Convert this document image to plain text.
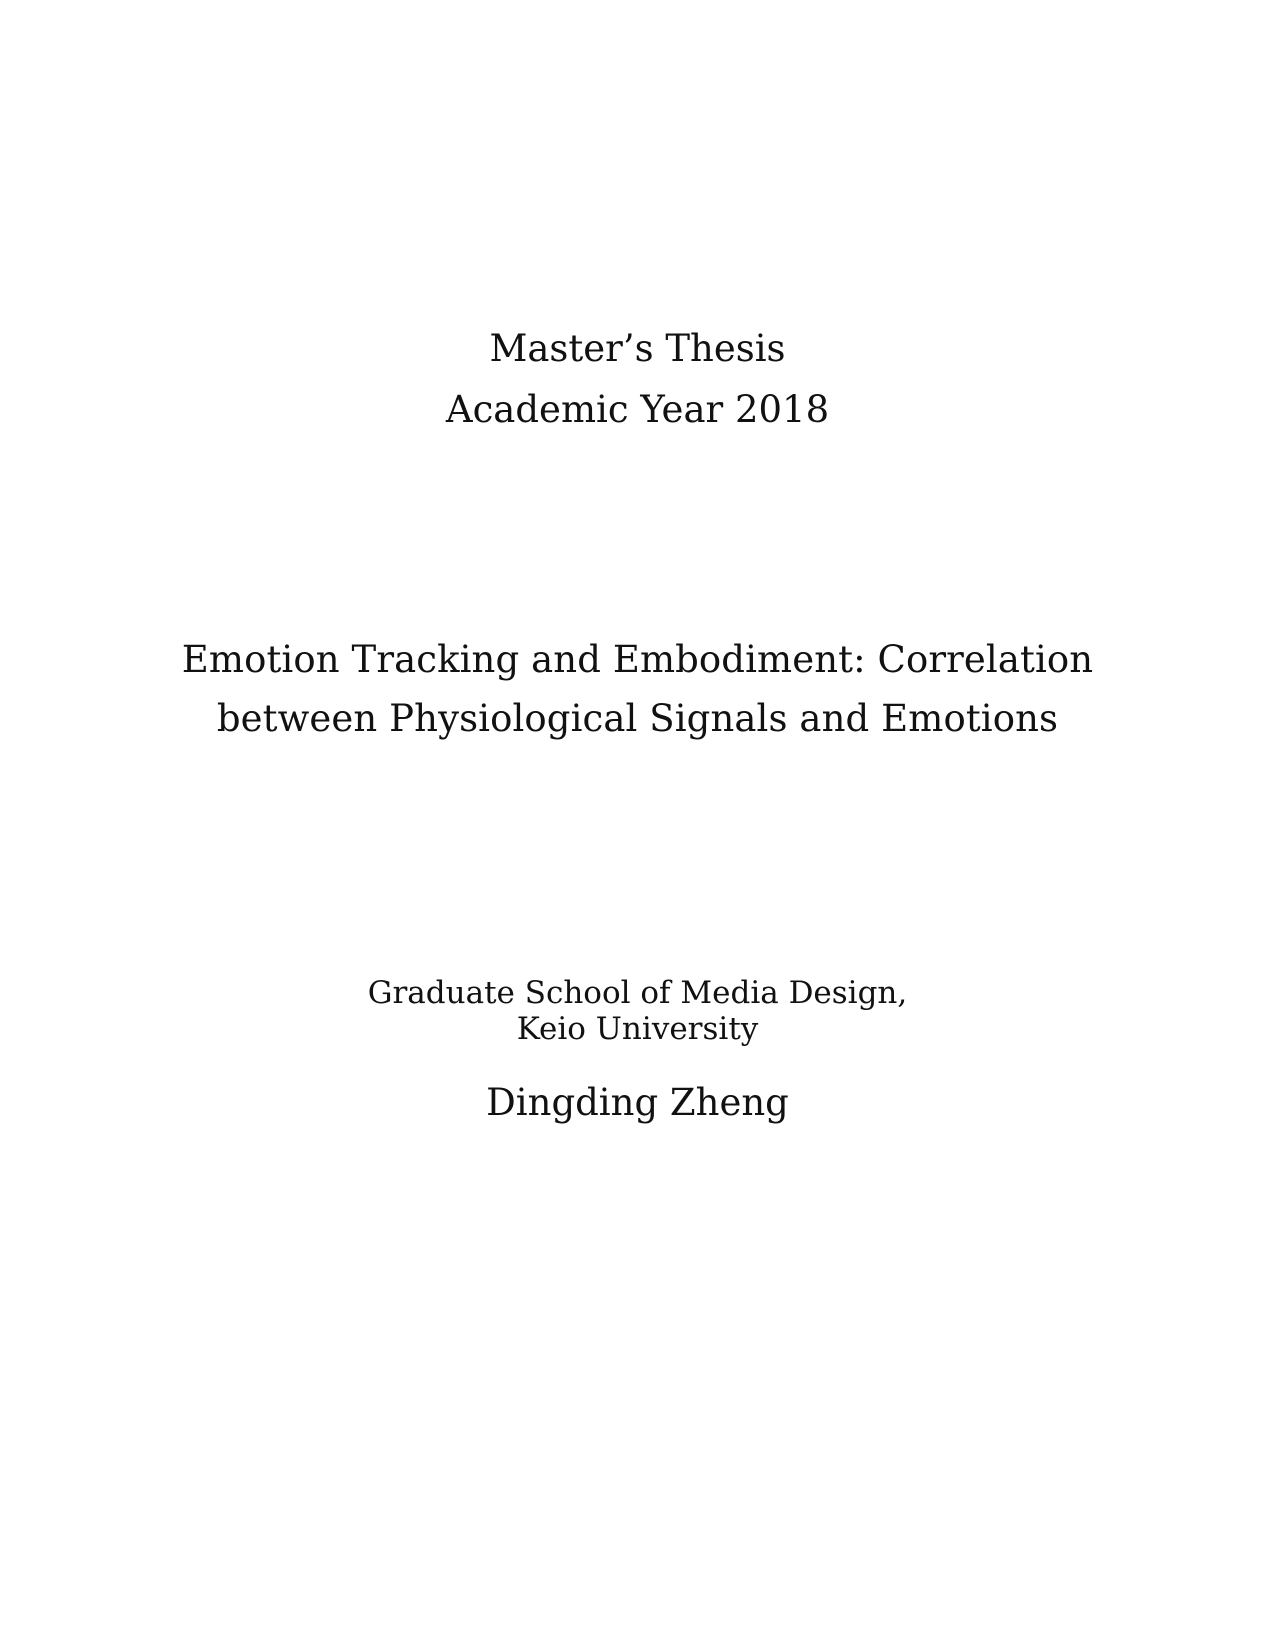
Master’s Thesis
Academic Year 2018
Emotion Tracking and Embodiment: Correlation
between Physiological Signals and Emotions
Graduate School of Media Design,
Keio University
Dingding Zheng
